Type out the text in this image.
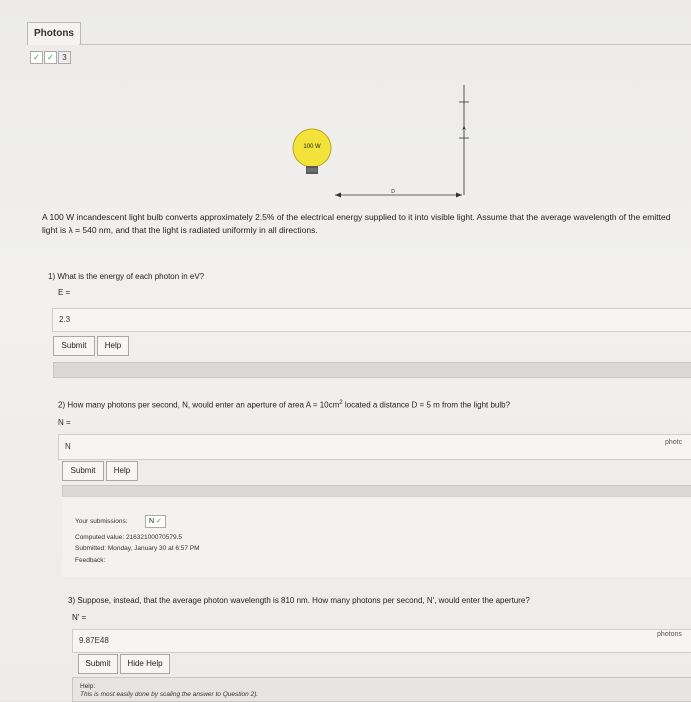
Photons
✓ ✓	3
100 W
D
A
A 100 W incandescent light bulb converts approximately 2.5% of the electrical energy supplied to it into visible light. Assume that the average wavelength of the emitted light is λ = 540 nm, and that the light is radiated uniformly in all directions.
1) What is the energy of each photon in eV?
E =
2.3
Submit	Help
2) How many photons per second, N, would enter an aperture of area $A = 10cm^2$ located a distance D = 5 m from the light bulb?
N =
N	photc
Submit	Help
Your submissions:	N ✓
Computed value: 21632100070579.5
Submitted: Monday, January 30 at 6:57 PM
Feedback:
3) Suppose, instead, that the average photon wavelength is 810 nm. How many photons per second, N', would enter the aperture?
N' =
9.87E48
photons
Submit	Hide Help
Help:
This is most easily done by scaling the answer to Question 2).
